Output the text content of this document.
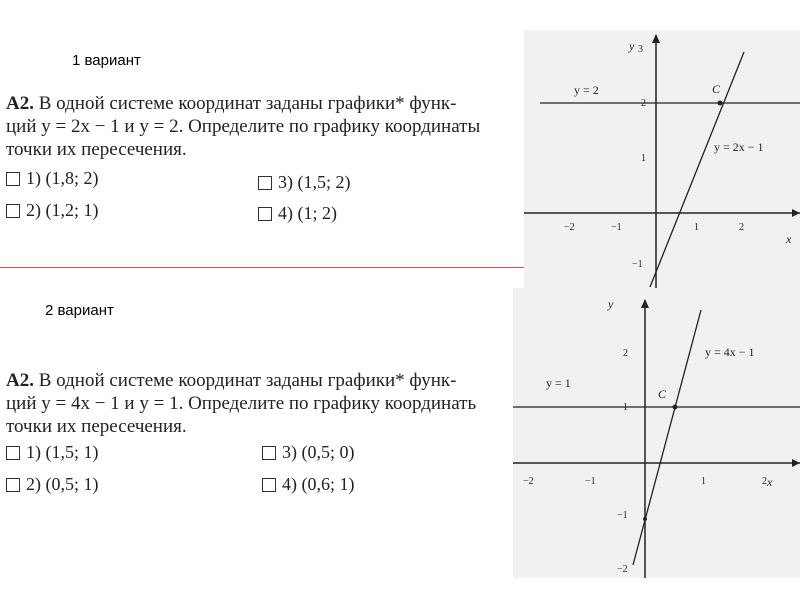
1 вариант
А2. В одной системе координат заданы графики* функ-
ций y = 2x − 1 и y = 2. Определите по графику координаты
точки их пересечения.
1) (1,8; 2)
2) (1,2; 1)
3) (1,5; 2)
4) (1; 2)
y 3
x
y = 2	C
y = 2x − 1
−2	−1	1	2
2
1
−1
2 вариант
А2. В одной системе координат заданы графики* функ-
ций y = 4x − 1 и y = 1. Определите по графику координать
точки их пересечения.
1) (1,5; 1)
2) (0,5; 1)
3) (0,5; 0)
4) (0,6; 1)
y
x
y = 1
C
y = 4x − 1
−2	−1	1	2
2
1
−1
−2
